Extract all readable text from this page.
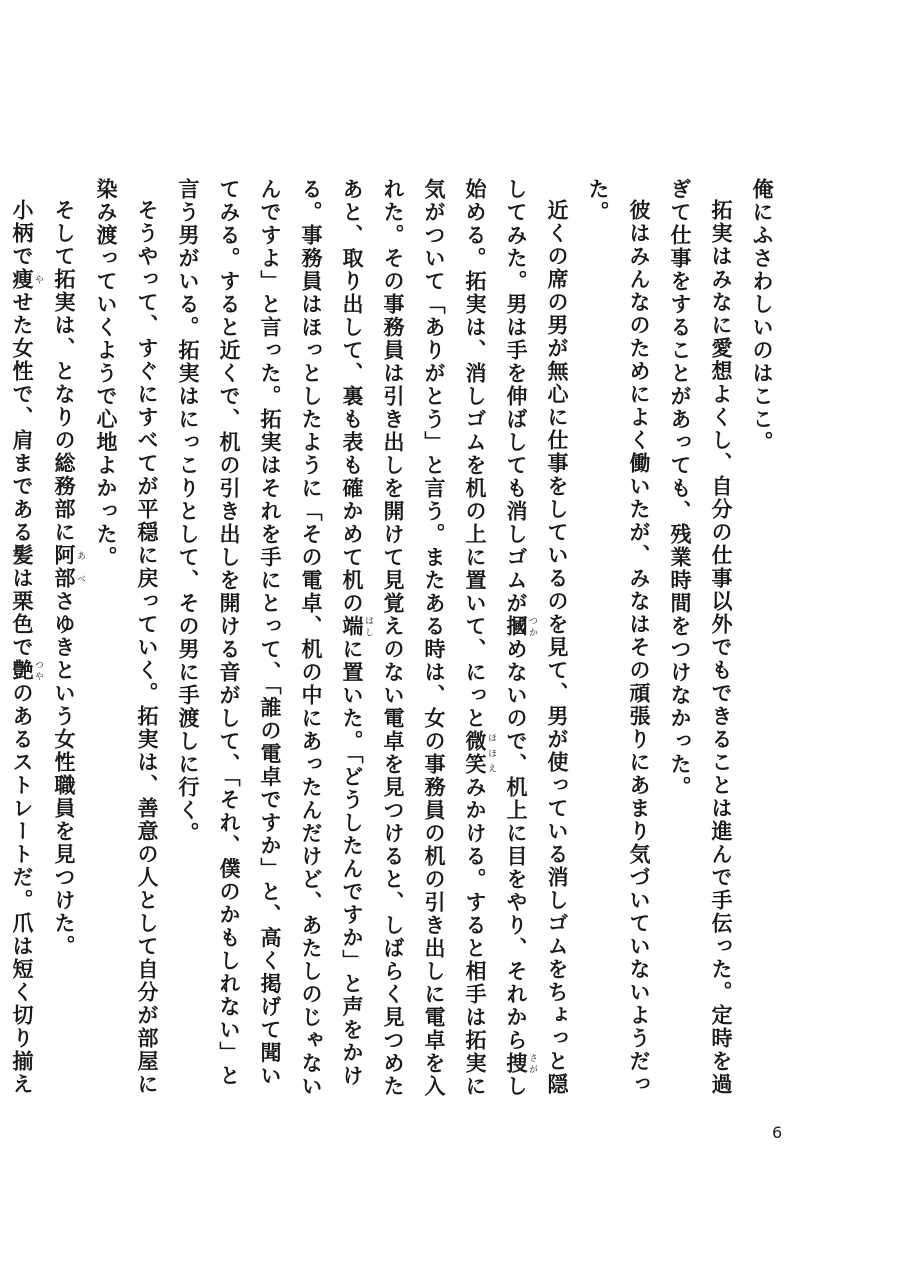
俺にふさわしいのはここ。

拓実はみなに愛想よくし、自分の仕事以外でもできることは進んで手伝った。定時を過ぎて仕事をすることがあっても、残業時間をつけなかった。

彼はみんなのためによく働いたが、みなはその頑張りにあまり気づいていないようだった。

近くの席の男が無心に仕事をしているのを見て、男が使っている消しゴムをちょっと隠してみた。男は手を伸ばしても消しゴムが摑 つかめないので、机上に目をやり、それから捜 さがし始める。拓実は、消しゴムを机の上に置いて、にっと微笑 ほほえみかける。すると相手は拓実に気がついて「ありがとう」と言う。またある時は、女の事務員の机の引き出しに電卓を入れた。その事務員は引き出しを開けて見覚えのない電卓を見つけると、しばらく見つめたあと、取り出して、裏も表も確かめて机の端 はしに置いた。「どうしたんですか」と声をかける。事務員はほっとしたように「その電卓、机の中にあったんだけど、あたしのじゃないんですよ」と言った。拓実はそれを手にとって、「誰の電卓ですか」と、高く掲げて聞いてみる。すると近くで、机の引き出しを開ける音がして、「それ、僕のかもしれない」と言う男がいる。拓実はにっこりとして、その男に手渡しに行く。

そうやって、すぐにすべてが平穏に戻っていく。拓実は、善意の人として自分が部屋に染み渡っていくようで心地よかった。

そして拓実は、となりの総務部に阿部 あべさゆきという女性職員を見つけた。

小柄で痩 やせた女性で、肩まである髪は栗色で艶 つやのあるストレートだ。爪は短く切り揃え

6
